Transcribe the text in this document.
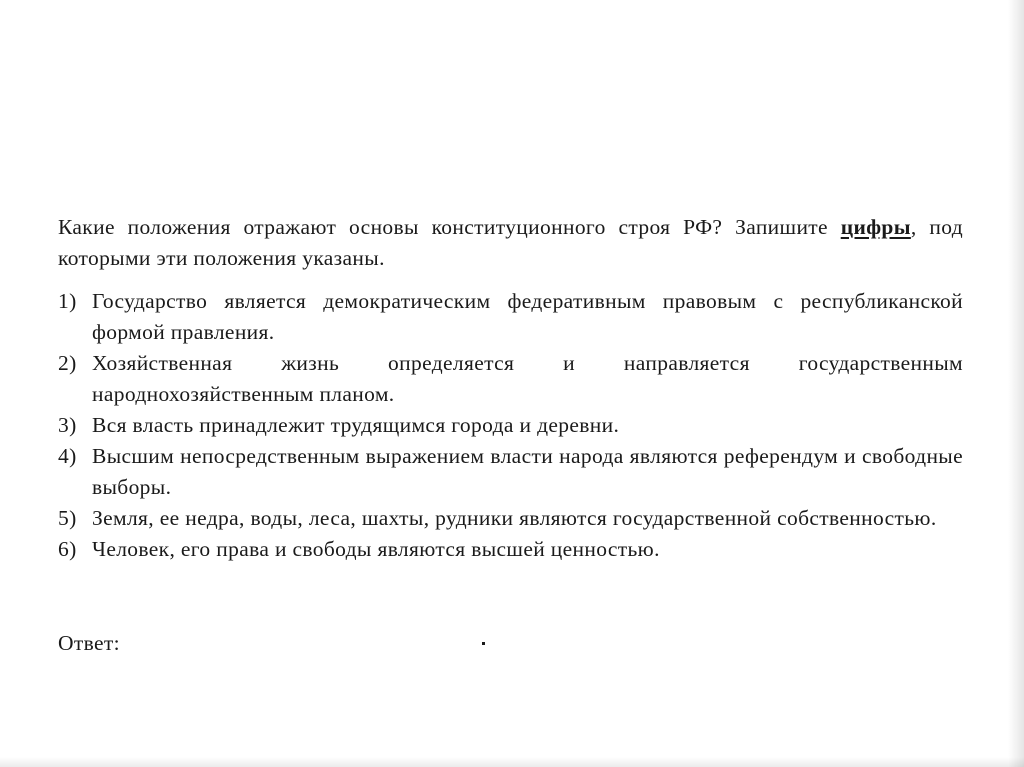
Какие положения отражают основы конституционного строя РФ? Запишите цифры, под которыми эти положения указаны.

1) Государство является демократическим федеративным правовым с республиканской формой правления.
2) Хозяйственная жизнь определяется и направляется государственным народнохозяйственным планом.
3) Вся власть принадлежит трудящимся города и деревни.
4) Высшим непосредственным выражением власти народа являются референдум и свободные выборы.
5) Земля, ее недра, воды, леса, шахты, рудники являются государственной собственностью.
6) Человек, его права и свободы являются высшей ценностью.
Ответ:
